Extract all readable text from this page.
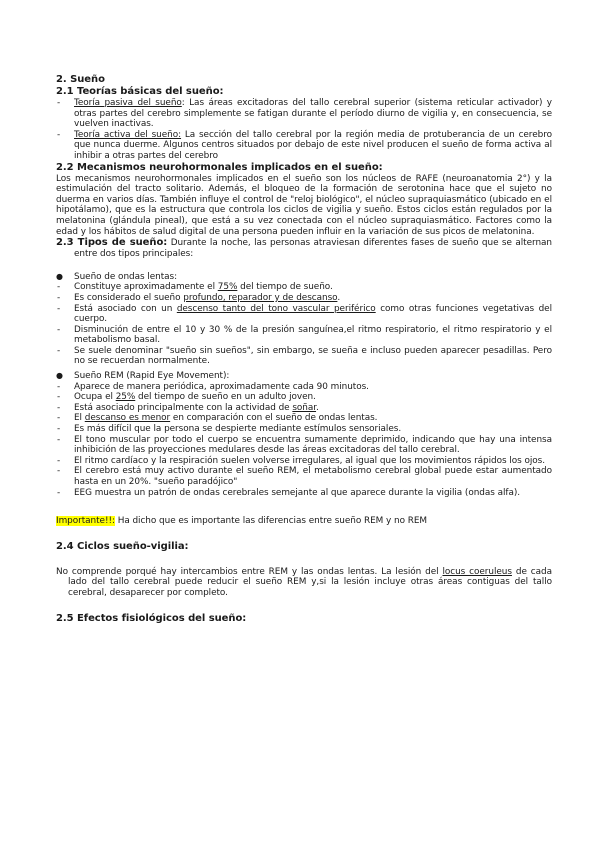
2. Sueño
2.1 Teorías básicas del sueño:
- Teoría pasiva del sueño: Las áreas excitadoras del tallo cerebral superior (sistema reticular activador) y otras partes del cerebro simplemente se fatigan durante el período diurno de vigilia y, en consecuencia, se vuelven inactivas.
- Teoría activa del sueño: La sección del tallo cerebral por la región media de protuberancia de un cerebro que nunca duerme. Algunos centros situados por debajo de este nivel producen el sueño de forma activa al inhibir a otras partes del cerebro
2.2 Mecanismos neurohormonales implicados en el sueño:

Los mecanismos neurohormonales implicados en el sueño son los núcleos de RAFE (neuroanatomia 2°) y la estimulación del tracto solitario. Además, el bloqueo de la formación de serotonina hace que el sujeto no duerma en varios días. También influye el control de "reloj biológico", el núcleo supraquiasmático (ubicado en el hipotálamo), que es la estructura que controla los ciclos de vigilia y sueño. Estos ciclos están regulados por la melatonina (glándula pineal), que está a su vez conectada con el núcleo supraquiasmático. Factores como la edad y los hábitos de salud digital de una persona pueden influir en la variación de sus picos de melatonina.

2.3 Tipos de sueño: Durante la noche, las personas atraviesan diferentes fases de sueño que se alternan entre dos tipos principales:
● Sueño de ondas lentas:
- Constituye aproximadamente el 75% del tiempo de sueño.
- Es considerado el sueño profundo, reparador y de descanso.
- Está asociado con un descenso tanto del tono vascular periférico como otras funciones vegetativas del cuerpo.
- Disminución de entre el 10 y 30 % de la presión sanguínea,el ritmo respiratorio, el ritmo respiratorio y el metabolismo basal.
- Se suele denominar "sueño sin sueños", sin embargo, se sueña e incluso pueden aparecer pesadillas. Pero no se recuerdan normalmente.
● Sueño REM (Rapid Eye Movement):
- Aparece de manera periódica, aproximadamente cada 90 minutos.
- Ocupa el 25% del tiempo de sueño en un adulto joven.
- Está asociado principalmente con la actividad de soñar.
- El descanso es menor en comparación con el sueño de ondas lentas.
- Es más difícil que la persona se despierte mediante estímulos sensoriales.
- El tono muscular por todo el cuerpo se encuentra sumamente deprimido, indicando que hay una intensa inhibición de las proyecciones medulares desde las áreas excitadoras del tallo cerebral.
- El ritmo cardíaco y la respiración suelen volverse irregulares, al igual que los movimientos rápidos los ojos.
- El cerebro está muy activo durante el sueño REM, el metabolismo cerebral global puede estar aumentado hasta en un 20%. "sueño paradójico"
- EEG muestra un patrón de ondas cerebrales semejante al que aparece durante la vigilia (ondas alfa).

Importante!!: Ha dicho que es importante las diferencias entre sueño REM y no REM

2.4 Ciclos sueño-vigilia:

No comprende porqué hay intercambios entre REM y las ondas lentas. La lesión del locus coeruleus de cada lado del tallo cerebral puede reducir el sueño REM y,si la lesión incluye otras áreas contiguas del tallo cerebral, desaparecer por completo.

2.5 Efectos fisiológicos del sueño:
